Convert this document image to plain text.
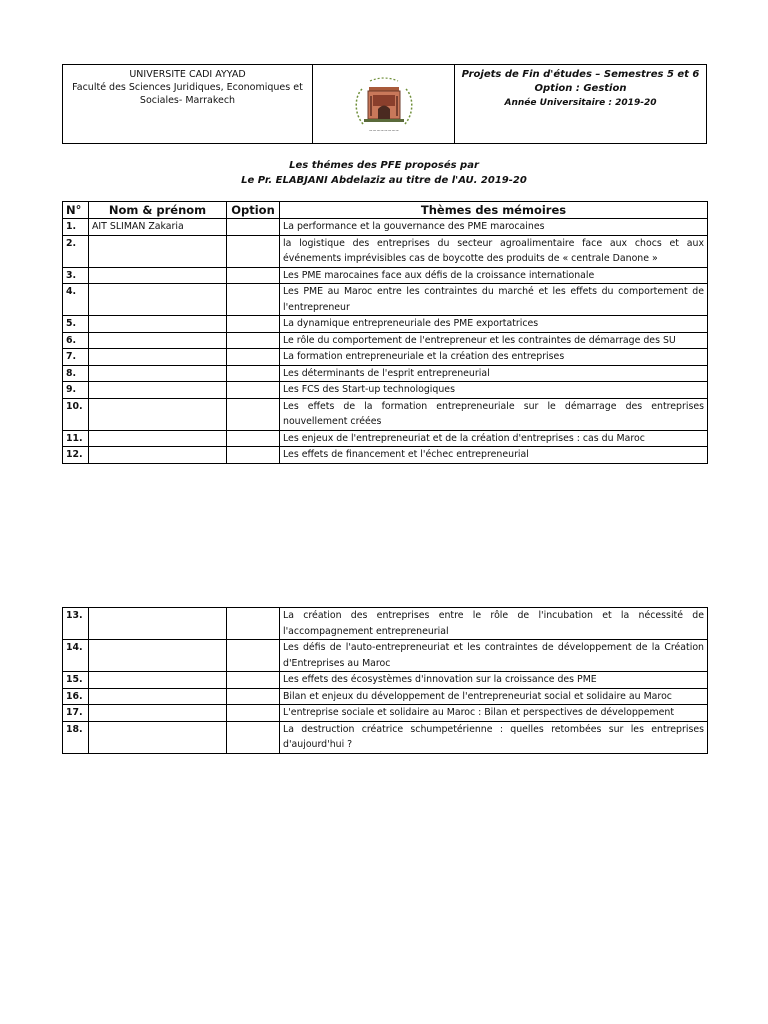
UNIVERSITE CADI AYYAD
Faculté des Sciences Juridiques, Economiques et
Sociales- Marrakech
~~~~~~~~
Projets de Fin d'études – Semestres 5 et 6
Option : Gestion
Année Universitaire : 2019-20
Les thémes des PFE proposés par
Le Pr. ELABJANI Abdelaziz au titre de l'AU. 2019-20
N°	Nom & prénom	Option	Thèmes des mémoires
1.	AIT SLIMAN Zakaria		La performance et la gouvernance des PME marocaines
2.			la logistique des entreprises du secteur agroalimentaire face aux chocs et aux événements imprévisibles cas de boycotte des produits de « centrale Danone »
3.			Les PME marocaines face aux défis de la croissance internationale
4.			Les PME au Maroc entre les contraintes du marché et les effets du comportement de l'entrepreneur
5.			La dynamique entrepreneuriale des PME exportatrices
6.			Le rôle du comportement de l'entrepreneur et les contraintes de démarrage des SU
7.			La formation entrepreneuriale et la création des entreprises
8.			Les déterminants de l'esprit entrepreneurial
9.			Les FCS des Start-up technologiques
10.			Les effets de la formation entrepreneuriale sur le démarrage des entreprises nouvellement créées
11.			Les enjeux de l'entrepreneuriat et de la création d'entreprises : cas du Maroc
12.			Les effets de financement et l'échec entrepreneurial
13.			La création des entreprises entre le rôle de l'incubation et la nécessité de l'accompagnement entrepreneurial
14.			Les défis de l'auto-entrepreneuriat et les contraintes de développement de la Création d'Entreprises au Maroc
15.			Les effets des écosystèmes d'innovation sur la croissance des PME
16.			Bilan et enjeux du développement de l'entrepreneuriat social et solidaire au Maroc
17.			L'entreprise sociale et solidaire au Maroc : Bilan et perspectives de développement
18.			La destruction créatrice schumpetérienne : quelles retombées sur les entreprises d'aujourd'hui ?
